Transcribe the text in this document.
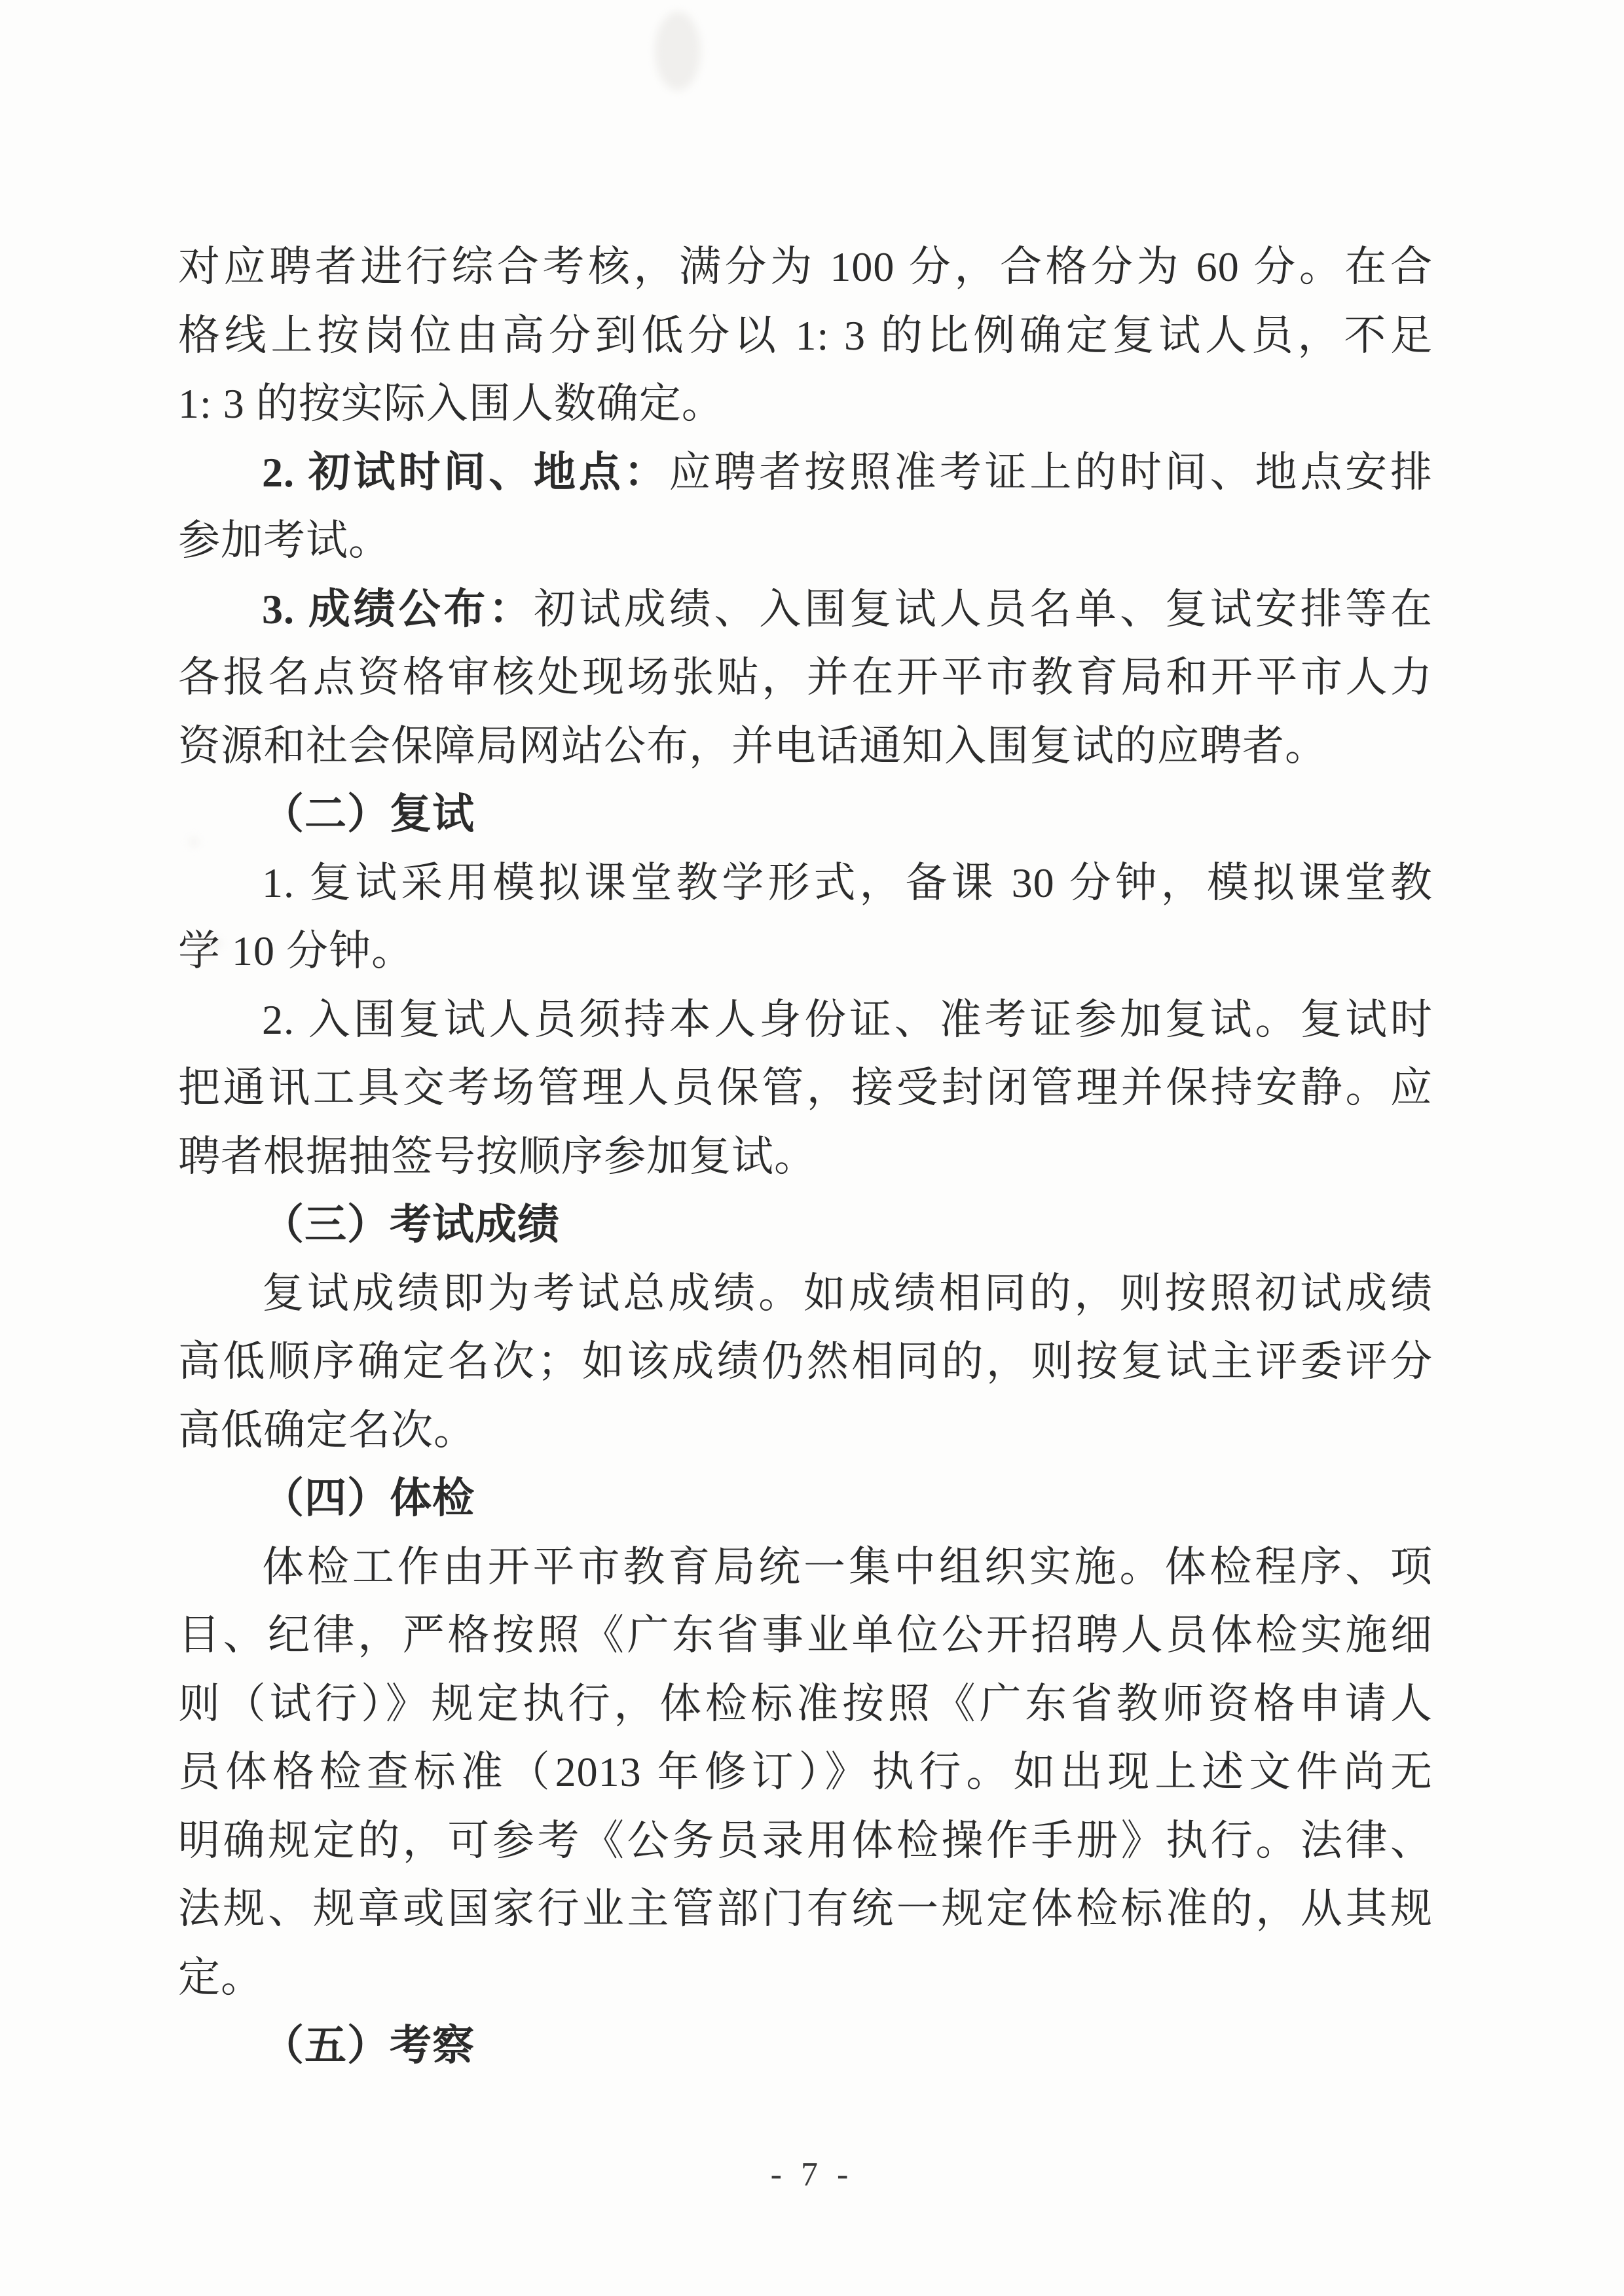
对应聘者进行综合考核，满分为 100 分，合格分为 60 分。在合
格线上按岗位由高分到低分以 1: 3 的比例确定复试人员，不足
1: 3 的按实际入围人数确定。
2. 初试时间、地点：应聘者按照准考证上的时间、地点安排
参加考试。
3. 成绩公布：初试成绩、入围复试人员名单、复试安排等在
各报名点资格审核处现场张贴，并在开平市教育局和开平市人力
资源和社会保障局网站公布，并电话通知入围复试的应聘者。
（二）复试
1. 复试采用模拟课堂教学形式，备课 30 分钟，模拟课堂教
学 10 分钟。
2. 入围复试人员须持本人身份证、准考证参加复试。复试时
把通讯工具交考场管理人员保管，接受封闭管理并保持安静。应
聘者根据抽签号按顺序参加复试。
（三）考试成绩
复试成绩即为考试总成绩。如成绩相同的，则按照初试成绩
高低顺序确定名次；如该成绩仍然相同的，则按复试主评委评分
高低确定名次。
（四）体检
体检工作由开平市教育局统一集中组织实施。体检程序、项
目、纪律，严格按照《广东省事业单位公开招聘人员体检实施细
则（试行）》规定执行，体检标准按照《广东省教师资格申请人
员体格检查标准（2013 年修订）》执行。如出现上述文件尚无
明确规定的，可参考《公务员录用体检操作手册》执行。法律、
法规、规章或国家行业主管部门有统一规定体检标准的，从其规
定。
（五）考察
- 7 -
